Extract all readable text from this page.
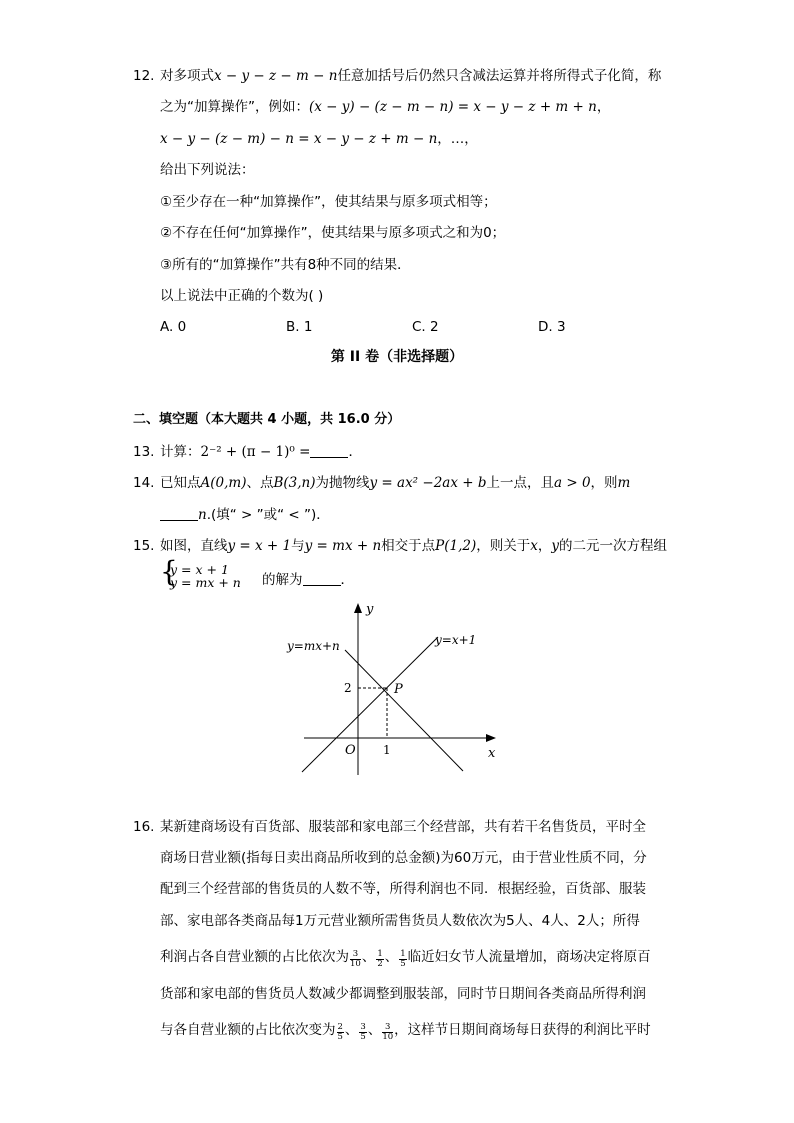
12. 对多项式x − y − z − m − n任意加括号后仍然只含减法运算并将所得式子化简，称
之为“加算操作”，例如：(x − y) − (z − m − n) = x − y − z + m + n，
x − y − (z − m) − n = x − y − z + m − n，…，
给出下列说法：
①至少存在一种“加算操作”，使其结果与原多项式相等；
②不存在任何“加算操作”，使其结果与原多项式之和为0；
③所有的“加算操作”共有8种不同的结果．
以上说法中正确的个数为( )
A. 0	B. 1	C. 2	D. 3
第 II 卷（非选择题）
二、填空题（本大题共 4 小题，共 16.0 分）
13. 计算：2⁻² + (π − 1)⁰ =	．
14. 已知点A(0,m)、点B(3,n)为抛物线y = ax² −2ax + b上一点，且a > 0，则m
n.(填“ > ”或“ < ”)．
15. 如图，直线y = x + 1与y = mx + n相交于点P(1,2)，则关于x，y的二元一次方程组
{
y = x + 1
y = mx + n 的解为	．
y
x
O
y=x+1
y=mx+n
P
1
2
16. 某新建商场设有百货部、服装部和家电部三个经营部，共有若干名售货员，平时全
商场日营业额(指每日卖出商品所收到的总金额)为60万元，由于营业性质不同，分
配到三个经营部的售货员的人数不等，所得利润也不同．根据经验，百货部、服装
部、家电部各类商品每1万元营业额所需售货员人数依次为5人、4人、2人；所得
利润占各自营业额的占比依次为 $\frac{3}{10}$ 、 $\frac{1}{2}$ 、 $\frac{1}{5}$ 临近妇女节人流量增加，商场决定将原百
货部和家电部的售货员人数减少都调整到服装部，同时节日期间各类商品所得利润
与各自营业额的占比依次变为 $\frac{2}{5}$ 、 $\frac{3}{5}$ 、 $\frac{3}{10}$ ，这样节日期间商场每日获得的利润比平时
